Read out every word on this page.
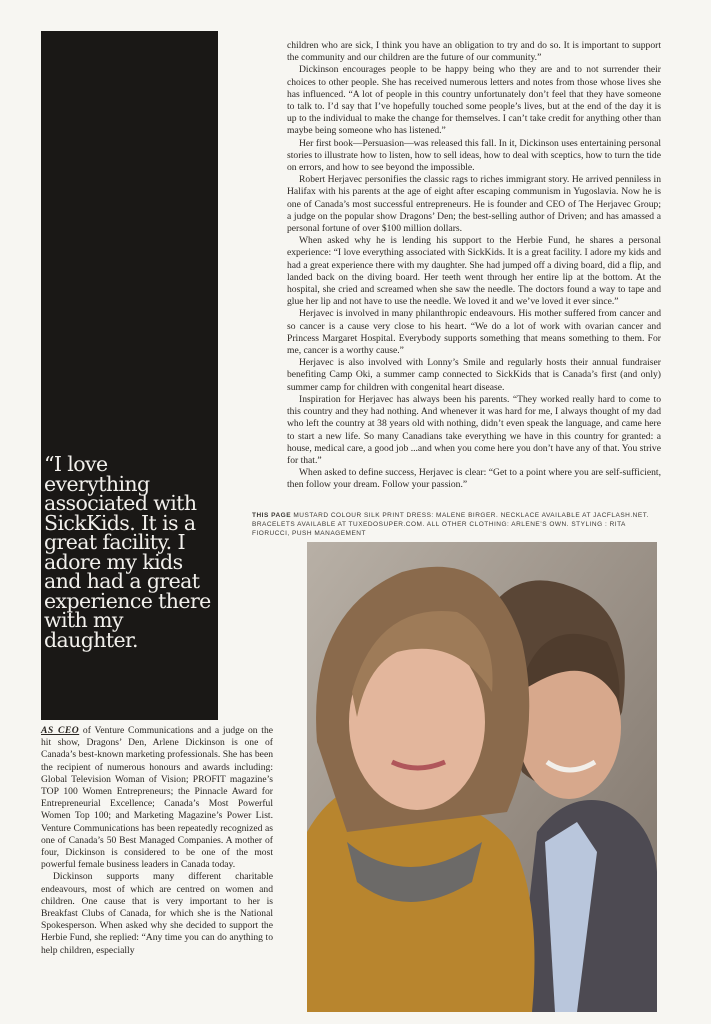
“I love everything associated with SickKids. It is a great facility. I adore my kids and had a great experience there with my daughter.

children who are sick, I think you have an obligation to try and do so. It is important to support the community and our children are the future of our community.”

Dickinson encourages people to be happy being who they are and to not surrender their choices to other people. She has received numerous letters and notes from those whose lives she has influenced. “A lot of people in this country unfortunately don’t feel that they have someone to talk to. I’d say that I’ve hopefully touched some people’s lives, but at the end of the day it is up to the individual to make the change for themselves. I can’t take credit for anything other than maybe being someone who has listened.”

Her first book—Persuasion—was released this fall. In it, Dickinson uses entertaining personal stories to illustrate how to listen, how to sell ideas, how to deal with sceptics, how to turn the tide on errors, and how to see beyond the impossible.

Robert Herjavec personifies the classic rags to riches immigrant story. He arrived penniless in Halifax with his parents at the age of eight after escaping communism in Yugoslavia. Now he is one of Canada’s most successful entrepreneurs. He is founder and CEO of The Herjavec Group; a judge on the popular show Dragons’ Den; the best-selling author of Driven; and has amassed a personal fortune of over $100 million dollars.

When asked why he is lending his support to the Herbie Fund, he shares a personal experience: “I love everything associated with SickKids. It is a great facility. I adore my kids and had a great experience there with my daughter. She had jumped off a diving board, did a flip, and landed back on the diving board. Her teeth went through her entire lip at the bottom. At the hospital, she cried and screamed when she saw the needle. The doctors found a way to tape and glue her lip and not have to use the needle. We loved it and we’ve loved it ever since.”

Herjavec is involved in many philanthropic endeavours. His mother suffered from cancer and so cancer is a cause very close to his heart. “We do a lot of work with ovarian cancer and Princess Margaret Hospital. Everybody supports something that means something to them. For me, cancer is a worthy cause.”

Herjavec is also involved with Lonny’s Smile and regularly hosts their annual fundraiser benefiting Camp Oki, a summer camp connected to SickKids that is Canada’s first (and only) summer camp for children with congenital heart disease.

Inspiration for Herjavec has always been his parents. “They worked really hard to come to this country and they had nothing. And whenever it was hard for me, I always thought of my dad who left the country at 38 years old with nothing, didn’t even speak the language, and came here to start a new life. So many Canadians take everything we have in this country for granted: a house, medical care, a good job ...and when you come here you don’t have any of that. You strive for that.”

When asked to define success, Herjavec is clear: “Get to a point where you are self-sufficient, then follow your dream. Follow your passion.”

THIS PAGE MUSTARD COLOUR SILK PRINT DRESS: MALENE BIRGER. NECKLACE AVAILABLE AT JACFLASH.NET. BRACELETS AVAILABLE AT TUXEDOSUPER.COM. ALL OTHER CLOTHING: ARLENE’S OWN. STYLING : RITA FIORUCCI, PUSH MANAGEMENT

AS CEO of Venture Communications and a judge on the hit show, Dragons’ Den, Arlene Dickinson is one of Canada’s best-known marketing professionals. She has been the recipient of numerous honours and awards including: Global Television Woman of Vision; PROFIT magazine’s TOP 100 Women Entrepreneurs; the Pinnacle Award for Entrepreneurial Excellence; Canada’s Most Powerful Women Top 100; and Marketing Magazine’s Power List. Venture Communications has been repeatedly recognized as one of Canada’s 50 Best Managed Companies. A mother of four, Dickinson is considered to be one of the most powerful female business leaders in Canada today.

Dickinson supports many different charitable endeavours, most of which are centred on women and children. One cause that is very important to her is Breakfast Clubs of Canada, for which she is the National Spokesperson. When asked why she decided to support the Herbie Fund, she replied: “Any time you can do anything to help children, especially
